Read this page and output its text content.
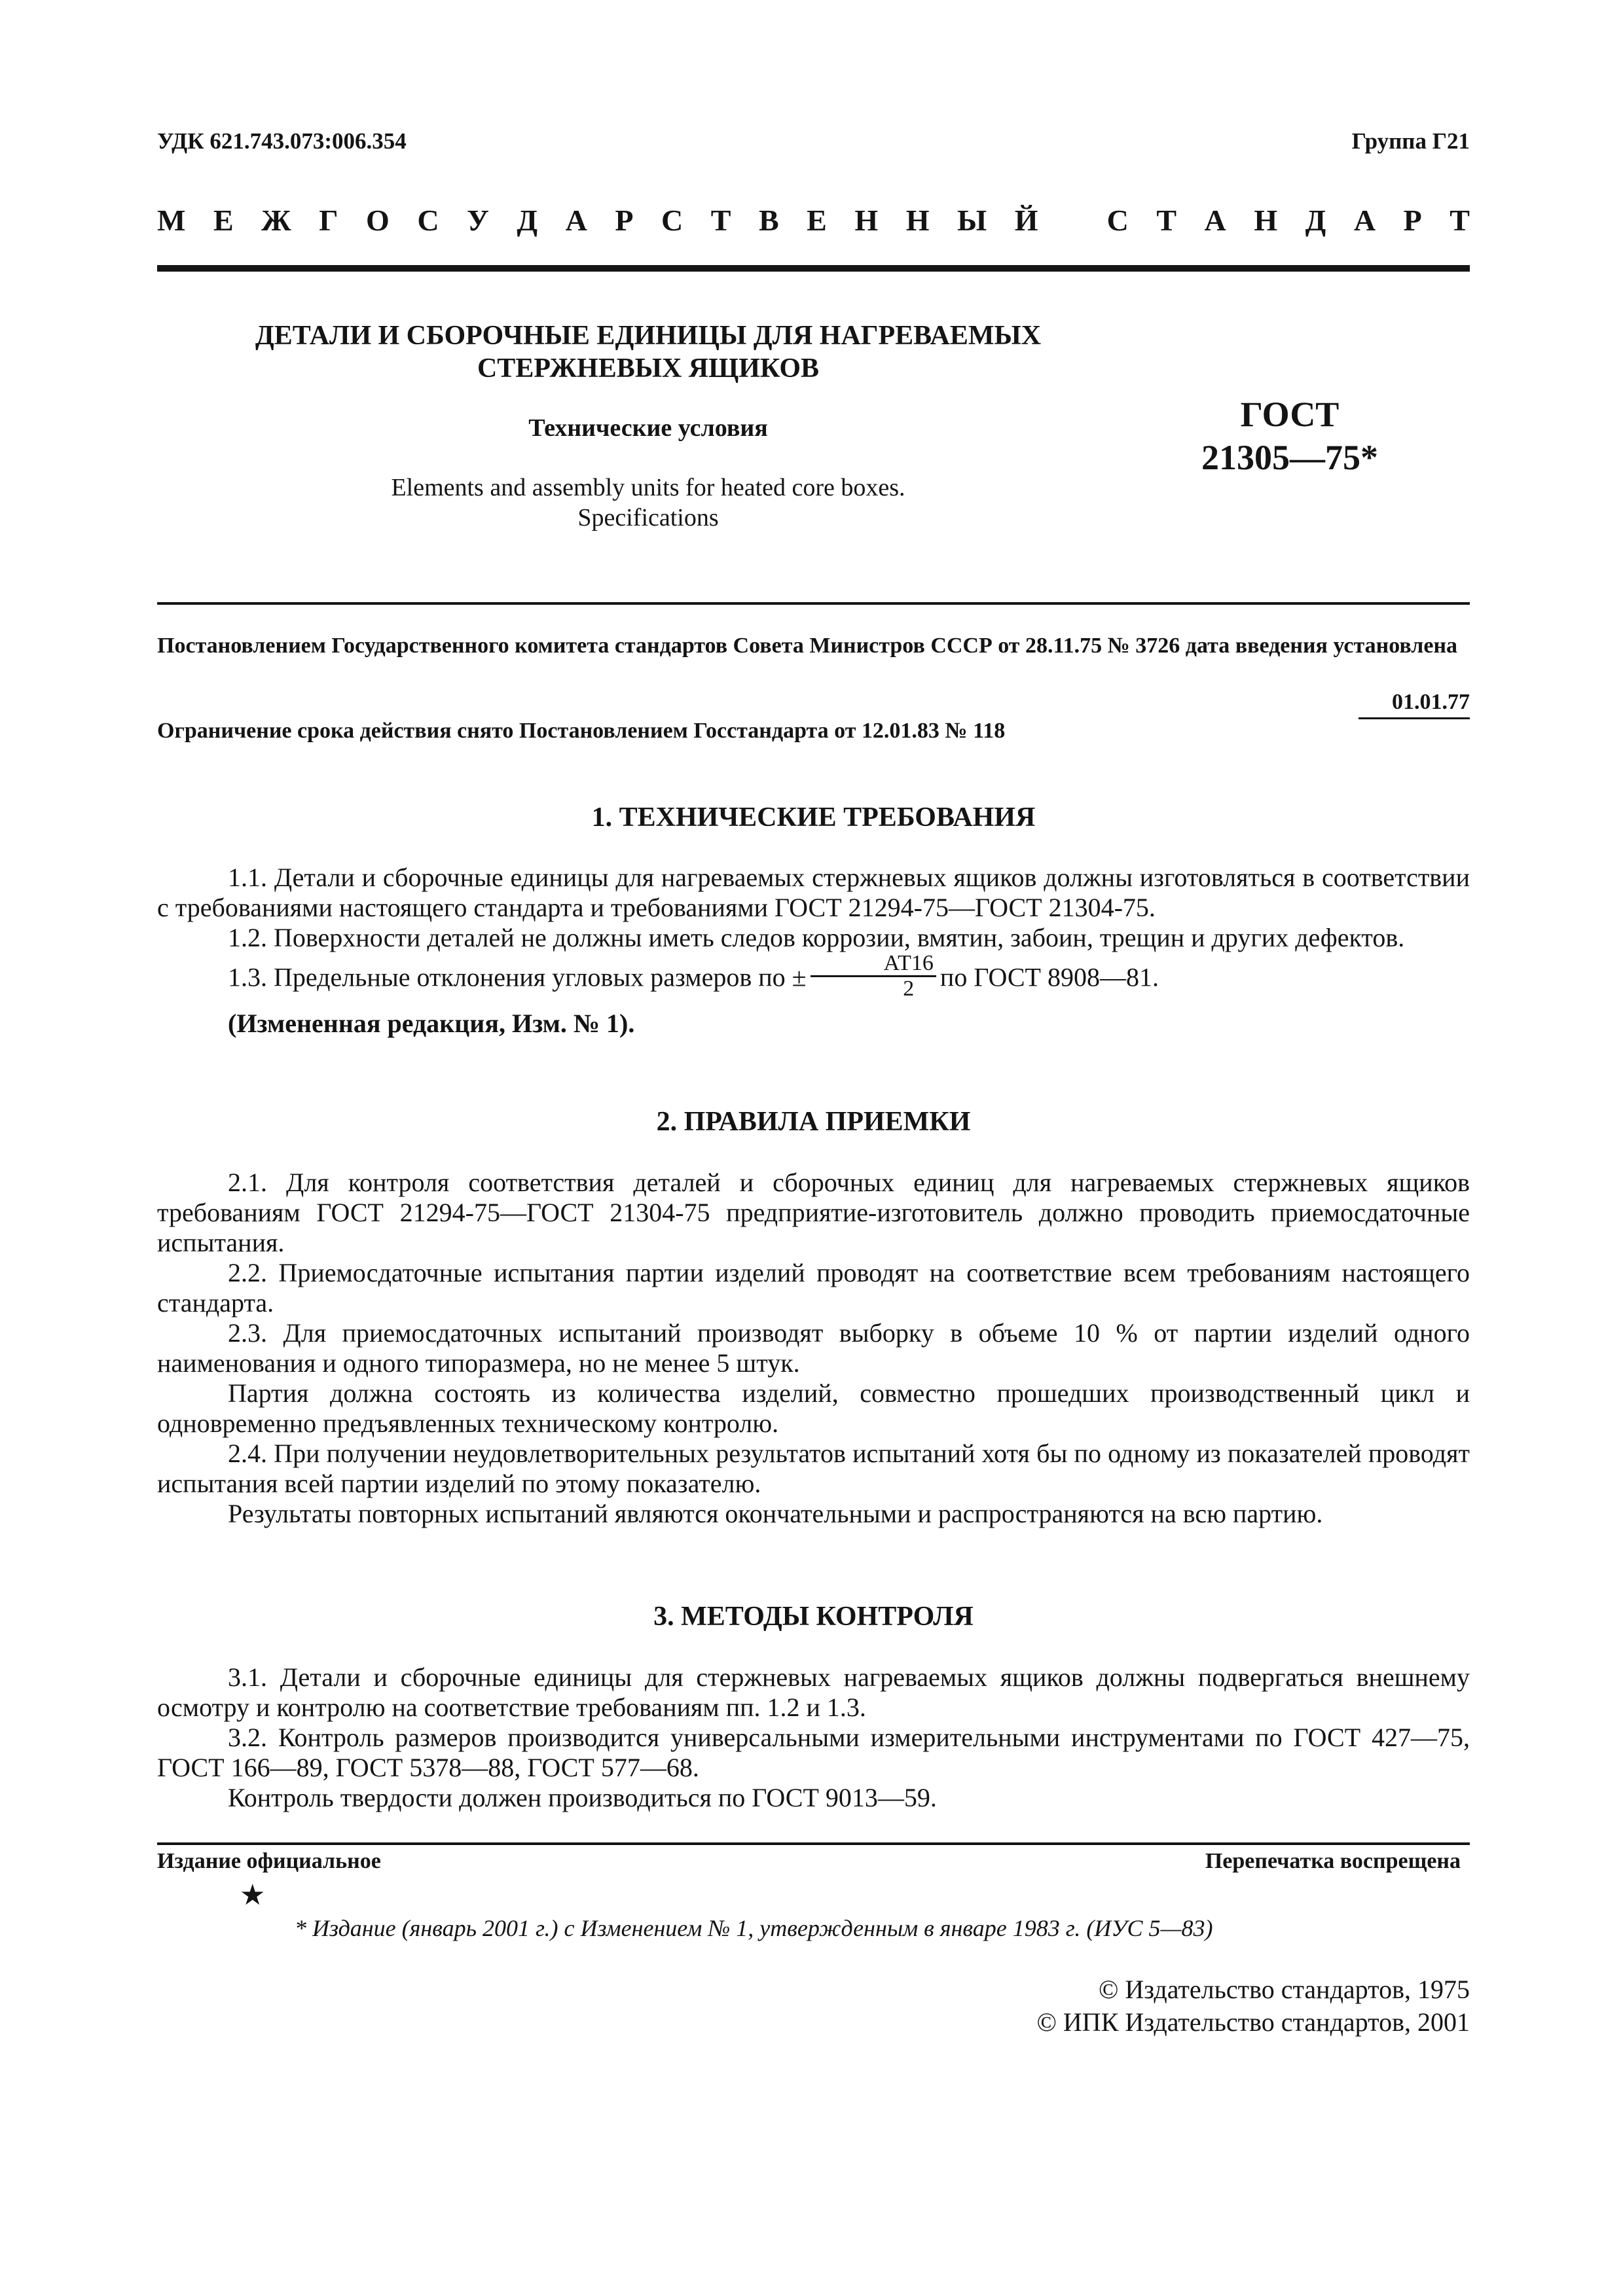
УДК 621.743.073:006.354	Группа Г21
М Е Ж Г О С У Д А Р С Т В Е Н Н Ы Й С Т А Н Д А Р Т
ДЕТАЛИ И СБОРОЧНЫЕ ЕДИНИЦЫ ДЛЯ НАГРЕВАЕМЫХ
СТЕРЖНЕВЫХ ЯЩИКОВ
Технические условия
Elements and assembly units for heated core boxes.
Specifications
ГОСТ
21305—75*
Постановлением Государственного комитета стандартов Совета Министров СССР от 28.11.75 № 3726 дата введения установлена
01.01.77
Ограничение срока действия снято Постановлением Госстандарта от 12.01.83 № 118
1. ТЕХНИЧЕСКИЕ ТРЕБОВАНИЯ

1.1. Детали и сборочные единицы для нагреваемых стержневых ящиков должны изготовляться в соответствии с требованиями настоящего стандарта и требованиями ГОСТ 21294-75—ГОСТ 21304-75.

1.2. Поверхности деталей не должны иметь следов коррозии, вмятин, забоин, трещин и других дефектов.

1.3. Предельные отклонения угловых размеров по ± $\frac{АТ16}{2}$ по ГОСТ 8908—81.

(Измененная редакция, Изм. № 1).

2. ПРАВИЛА ПРИЕМКИ

2.1. Для контроля соответствия деталей и сборочных единиц для нагреваемых стержневых ящиков требованиям ГОСТ 21294-75—ГОСТ 21304-75 предприятие-изготовитель должно проводить приемосдаточные испытания.

2.2. Приемосдаточные испытания партии изделий проводят на соответствие всем требованиям настоящего стандарта.

2.3. Для приемосдаточных испытаний производят выборку в объеме 10 % от партии изделий одного наименования и одного типоразмера, но не менее 5 штук.

Партия должна состоять из количества изделий, совместно прошедших производственный цикл и одновременно предъявленных техническому контролю.

2.4. При получении неудовлетворительных результатов испытаний хотя бы по одному из показателей проводят испытания всей партии изделий по этому показателю.

Результаты повторных испытаний являются окончательными и распространяются на всю партию.

3. МЕТОДЫ КОНТРОЛЯ

3.1. Детали и сборочные единицы для стержневых нагреваемых ящиков должны подвергаться внешнему осмотру и контролю на соответствие требованиям пп. 1.2 и 1.3.

3.2. Контроль размеров производится универсальными измерительными инструментами по ГОСТ 427—75, ГОСТ 166—89, ГОСТ 5378—88, ГОСТ 577—68.

Контроль твердости должен производиться по ГОСТ 9013—59.

Издание официальное	Перепечатка воспрещена
★
* Издание (январь 2001 г.) с Изменением № 1, утвержденным в январе 1983 г. (ИУС 5—83)
© Издательство стандартов, 1975
© ИПК Издательство стандартов, 2001
